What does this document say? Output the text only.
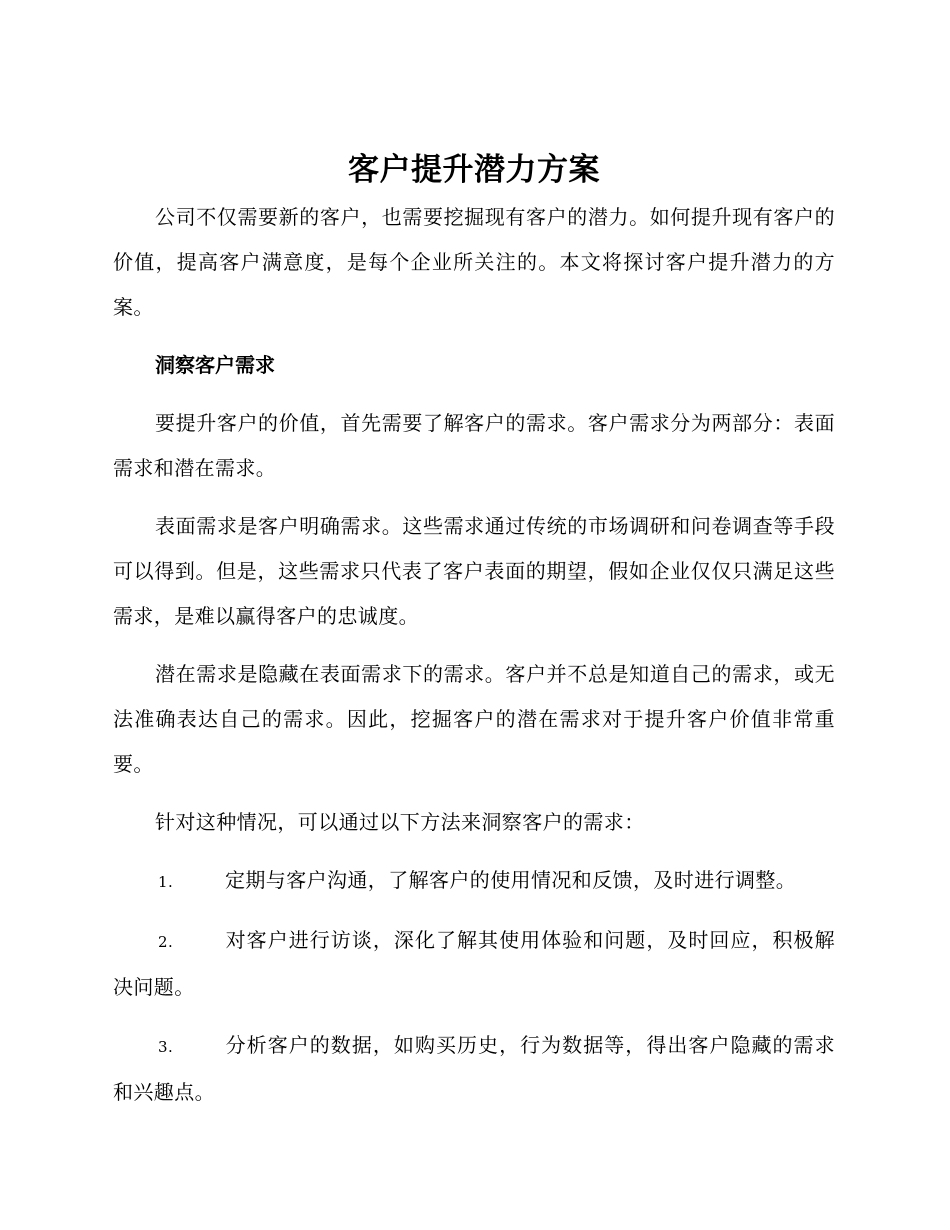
客户提升潜力方案

公司不仅需要新的客户，也需要挖掘现有客户的潜力。如何提升现有客户的价值，提高客户满意度，是每个企业所关注的。本文将探讨客户提升潜力的方案。

洞察客户需求

要提升客户的价值，首先需要了解客户的需求。客户需求分为两部分：表面需求和潜在需求。

表面需求是客户明确需求。这些需求通过传统的市场调研和问卷调查等手段可以得到。但是，这些需求只代表了客户表面的期望，假如企业仅仅只满足这些需求，是难以赢得客户的忠诚度。

潜在需求是隐藏在表面需求下的需求。客户并不总是知道自己的需求，或无法准确表达自己的需求。因此，挖掘客户的潜在需求对于提升客户价值非常重要。

针对这种情况，可以通过以下方法来洞察客户的需求：

1.	定期与客户沟通，了解客户的使用情况和反馈，及时进行调整。
2.	对客户进行访谈，深化了解其使用体验和问题，及时回应，积极解决问题。
3.	分析客户的数据，如购买历史，行为数据等，得出客户隐藏的需求和兴趣点。
